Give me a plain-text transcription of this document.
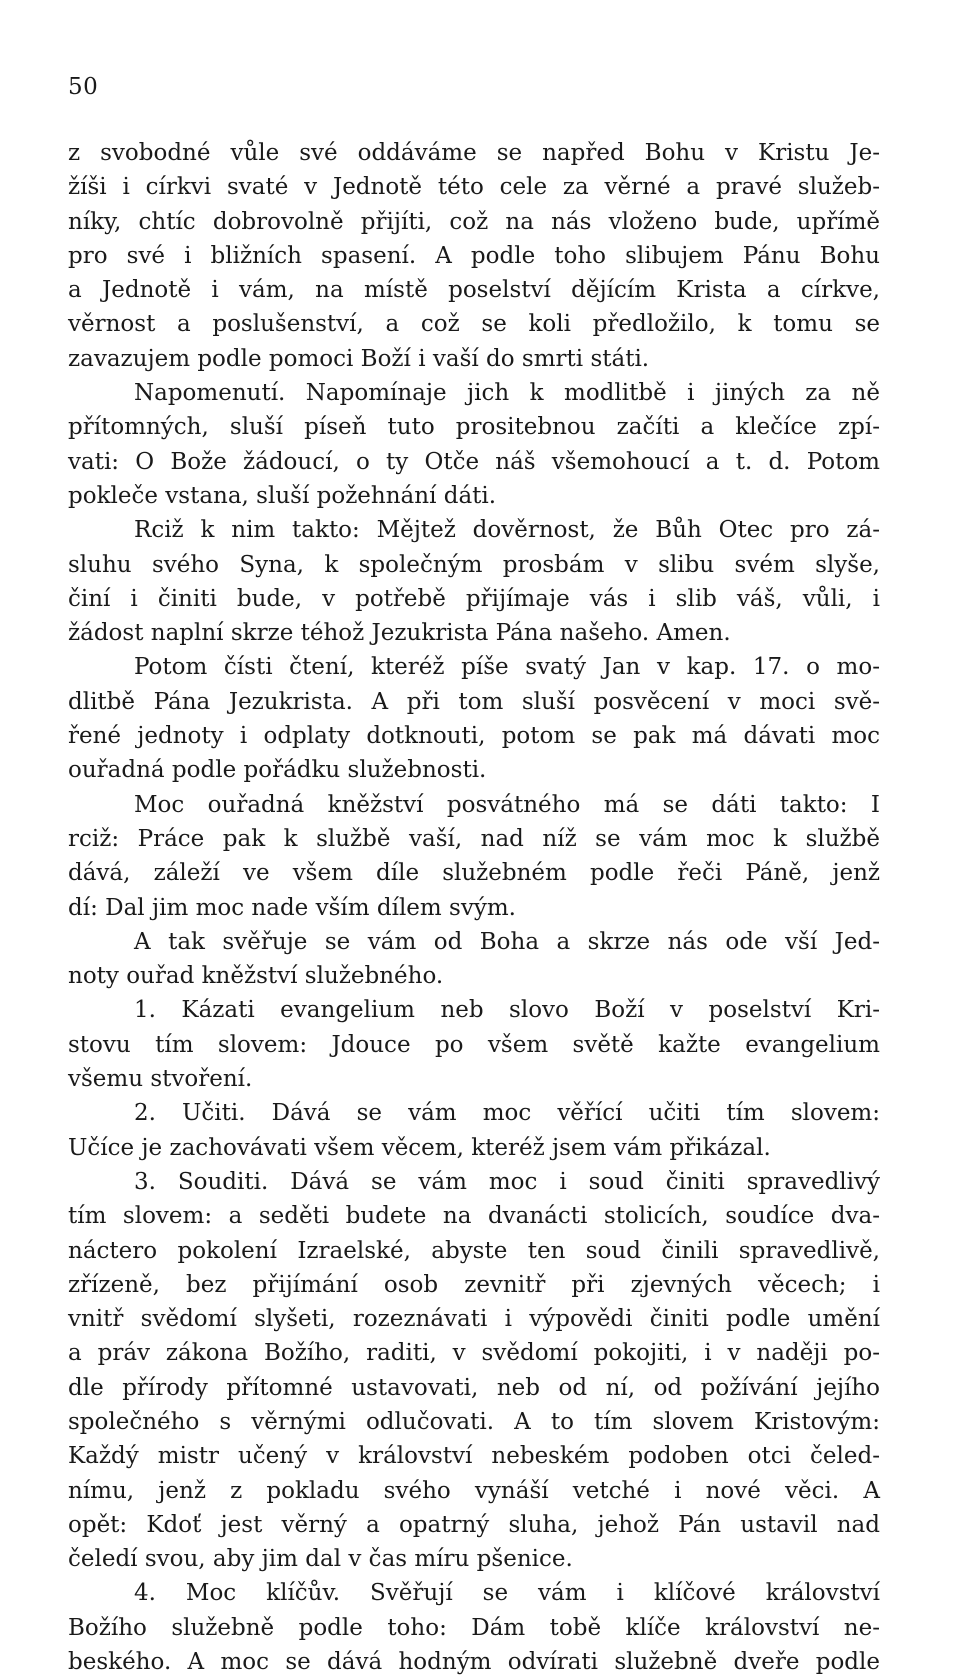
50
z svobodné vůle své oddáváme se napřed Bohu v Kristu Je-
žíši i církvi svaté v Jednotě této cele za věrné a pravé služeb-
níky, chtíc dobrovolně přijíti, což na nás vloženo bude, upřímě
pro své i bližních spasení. A podle toho slibujem Pánu Bohu
a Jednotě i vám, na místě poselství dějícím Krista a církve,
věrnost a poslušenství, a což se koli předložilo, k tomu se
zavazujem podle pomoci Boží i vaší do smrti státi.
Napomenutí. Napomínaje jich k modlitbě i jiných za ně
přítomných, sluší píseň tuto prositebnou začíti a klečíce zpí-
vati: O Bože žádoucí, o ty Otče náš všemohoucí a t. d. Potom
pokleče vstana, sluší požehnání dáti.
Rciž k nim takto: Mějtež dověrnost, že Bůh Otec pro zá-
sluhu svého Syna, k společným prosbám v slibu svém slyše,
činí i činiti bude, v potřebě přijímaje vás i slib váš, vůli, i
žádost naplní skrze téhož Jezukrista Pána našeho. Amen.
Potom čísti čtení, kteréž píše svatý Jan v kap. 17. o mo-
dlitbě Pána Jezukrista. A při tom sluší posvěcení v moci svě-
řené jednoty i odplaty dotknouti, potom se pak má dávati moc
ouřadná podle pořádku služebnosti.
Moc ouřadná kněžství posvátného má se dáti takto: I
rciž: Práce pak k službě vaší, nad níž se vám moc k službě
dává, záleží ve všem díle služebném podle řeči Páně, jenž
dí: Dal jim moc nade vším dílem svým.
A tak svěřuje se vám od Boha a skrze nás ode vší Jed-
noty ouřad kněžství služebného.
1. Kázati evangelium neb slovo Boží v poselství Kri-
stovu tím slovem: Jdouce po všem světě kažte evangelium
všemu stvoření.
2. Učiti. Dává se vám moc věřící učiti tím slovem:
Učíce je zachovávati všem věcem, kteréž jsem vám přikázal.
3. Souditi. Dává se vám moc i soud činiti spravedlivý
tím slovem: a seděti budete na dvanácti stolicích, soudíce dva-
náctero pokolení Izraelské, abyste ten soud činili spravedlivě,
zřízeně, bez přijímání osob zevnitř při zjevných věcech; i
vnitř svědomí slyšeti, rozeznávati i výpovědi činiti podle umění
a práv zákona Božího, raditi, v svědomí pokojiti, i v naději po-
dle přírody přítomné ustavovati, neb od ní, od požívání jejího
společného s věrnými odlučovati. A to tím slovem Kristovým:
Každý mistr učený v království nebeském podoben otci čeled-
nímu, jenž z pokladu svého vynáší vetché i nové věci. A
opět: Kdoť jest věrný a opatrný sluha, jehož Pán ustavil nad
čeledí svou, aby jim dal v čas míru pšenice.
4. Moc klíčův. Svěřují se vám i klíčové království
Božího služebně podle toho: Dám tobě klíče království ne-
beského. A moc se dává hodným odvírati služebně dveře podle
